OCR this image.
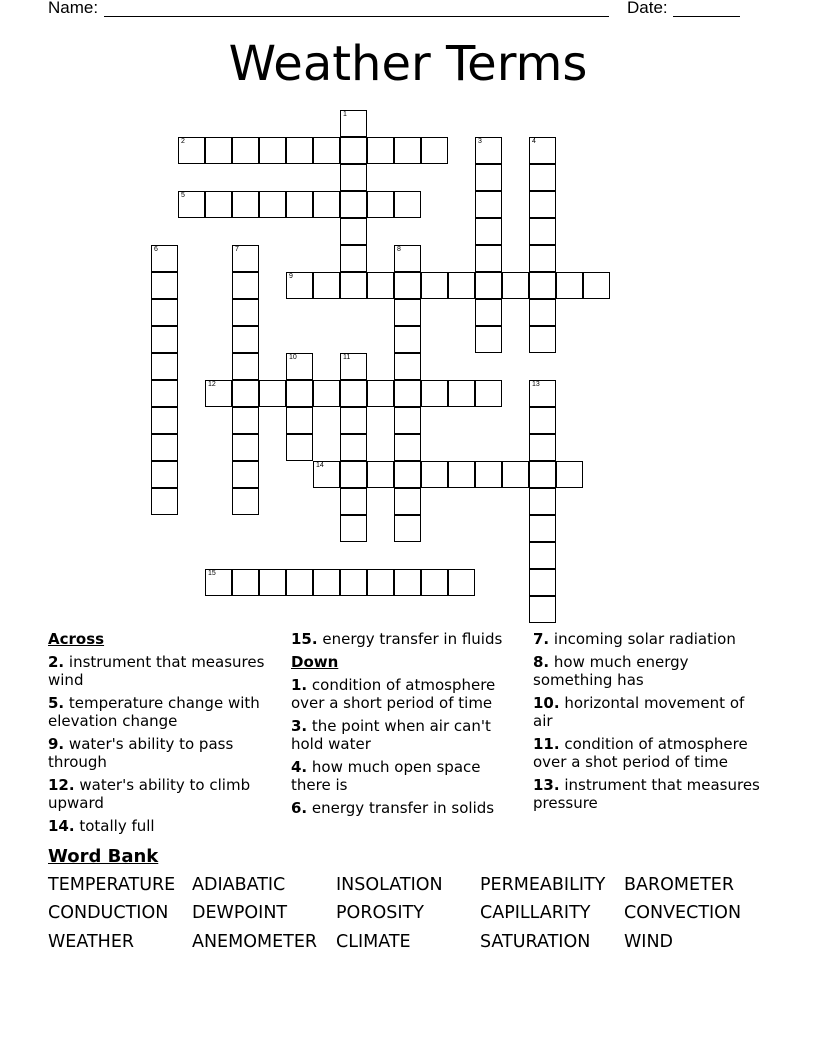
Name:	Date:
Weather Terms
1
2	3	4
5
6	7	8
9
10	11
12	13
14
15
Across
2. instrument that measures wind
5. temperature change with elevation change
9. water's ability to pass through
12. water's ability to climb upward
14. totally full
15. energy transfer in fluids
Down
1. condition of atmosphere over a short period of time
3. the point when air can't hold water
4. how much open space there is
6. energy transfer in solids
7. incoming solar radiation
8. how much energy something has
10. horizontal movement of air
11. condition of atmosphere over a shot period of time
13. instrument that measures pressure
Word Bank
TEMPERATURE ADIABATIC	INSOLATION PERMEABILITY BAROMETER
CONDUCTION DEWPOINT	POROSITY	CAPILLARITY CONVECTION
WEATHER	ANEMOMETER CLIMATE	SATURATION WIND
